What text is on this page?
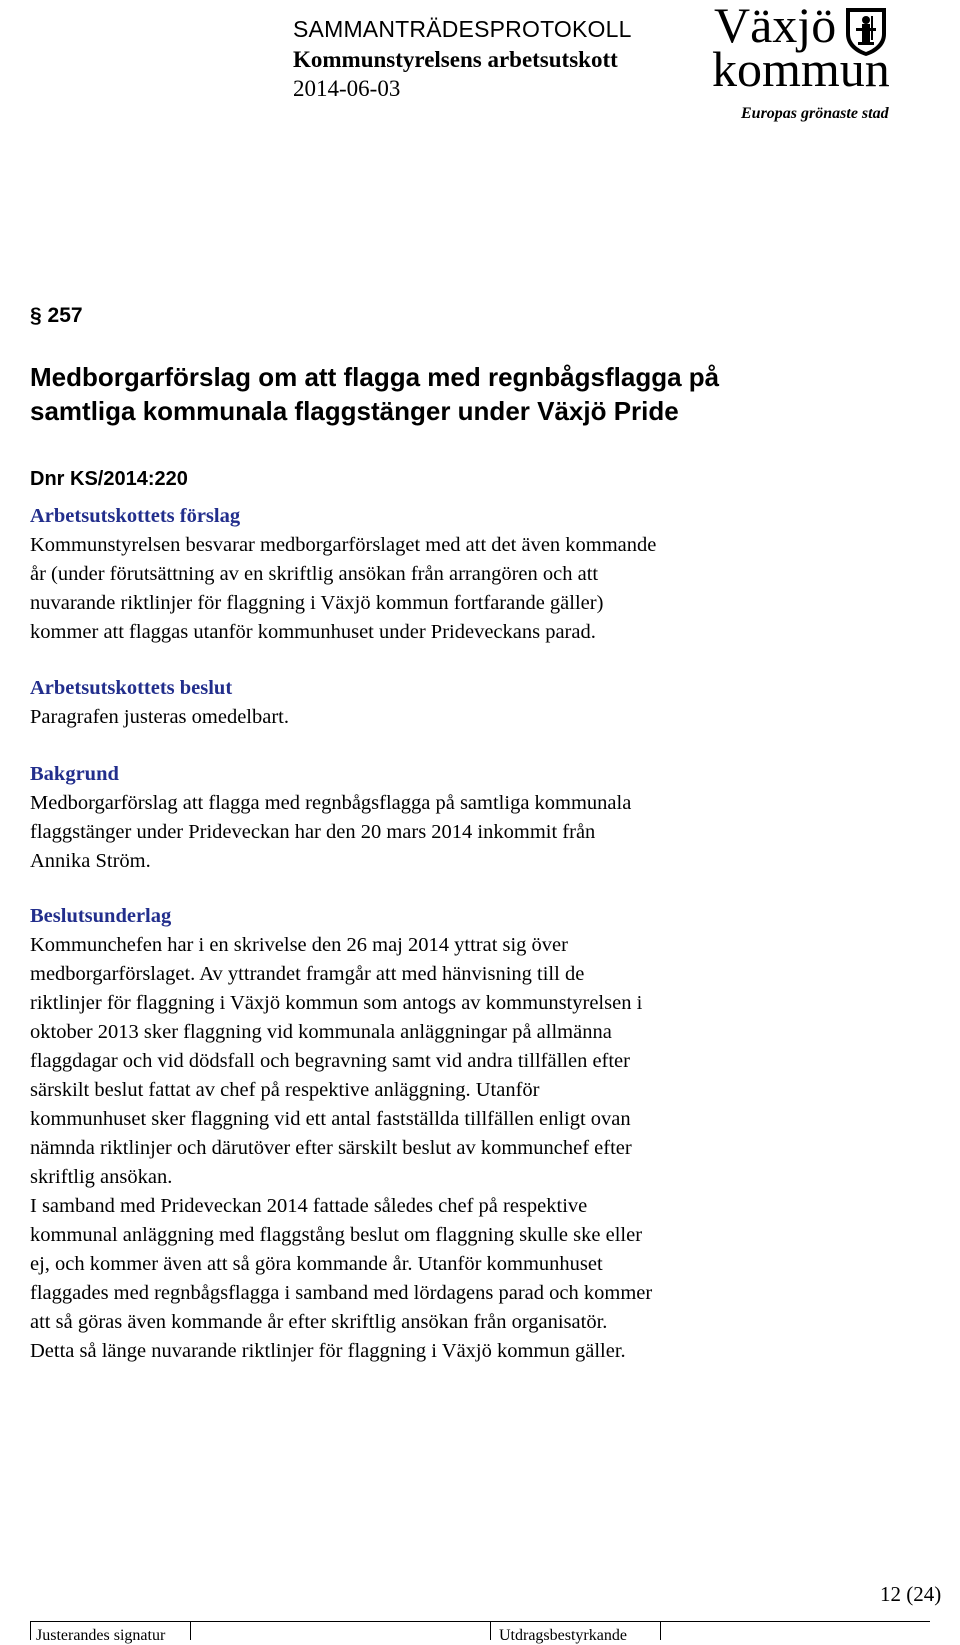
SAMMANTRÄDESPROTOKOLL
Kommunstyrelsens arbetsutskott
2014-06-03
Växjö
kommun
Europas grönaste stad
§ 257
Medborgarförslag om att flagga med regnbågsflagga på samtliga kommunala flaggstänger under Växjö Pride
Dnr KS/2014:220
Arbetsutskottets förslag
Kommunstyrelsen besvarar medborgarförslaget med att det även kommande
år (under förutsättning av en skriftlig ansökan från arrangören och att
nuvarande riktlinjer för flaggning i Växjö kommun fortfarande gäller)
kommer att flaggas utanför kommunhuset under Prideveckans parad.
Arbetsutskottets beslut
Paragrafen justeras omedelbart.
Bakgrund
Medborgarförslag att flagga med regnbågsflagga på samtliga kommunala
flaggstänger under Prideveckan har den 20 mars 2014 inkommit från
Annika Ström.
Beslutsunderlag
Kommunchefen har i en skrivelse den 26 maj 2014 yttrat sig över
medborgarförslaget. Av yttrandet framgår att med hänvisning till de
riktlinjer för flaggning i Växjö kommun som antogs av kommunstyrelsen i
oktober 2013 sker flaggning vid kommunala anläggningar på allmänna
flaggdagar och vid dödsfall och begravning samt vid andra tillfällen efter
särskilt beslut fattat av chef på respektive anläggning. Utanför
kommunhuset sker flaggning vid ett antal fastställda tillfällen enligt ovan
nämnda riktlinjer och därutöver efter särskilt beslut av kommunchef efter
skriftlig ansökan.
I samband med Prideveckan 2014 fattade således chef på respektive
kommunal anläggning med flaggstång beslut om flaggning skulle ske eller
ej, och kommer även att så göra kommande år. Utanför kommunhuset
flaggades med regnbågsflagga i samband med lördagens parad och kommer
att så göras även kommande år efter skriftlig ansökan från organisatör.
Detta så länge nuvarande riktlinjer för flaggning i Växjö kommun gäller.
12 (24)
Justerandes signatur	Utdragsbestyrkande
